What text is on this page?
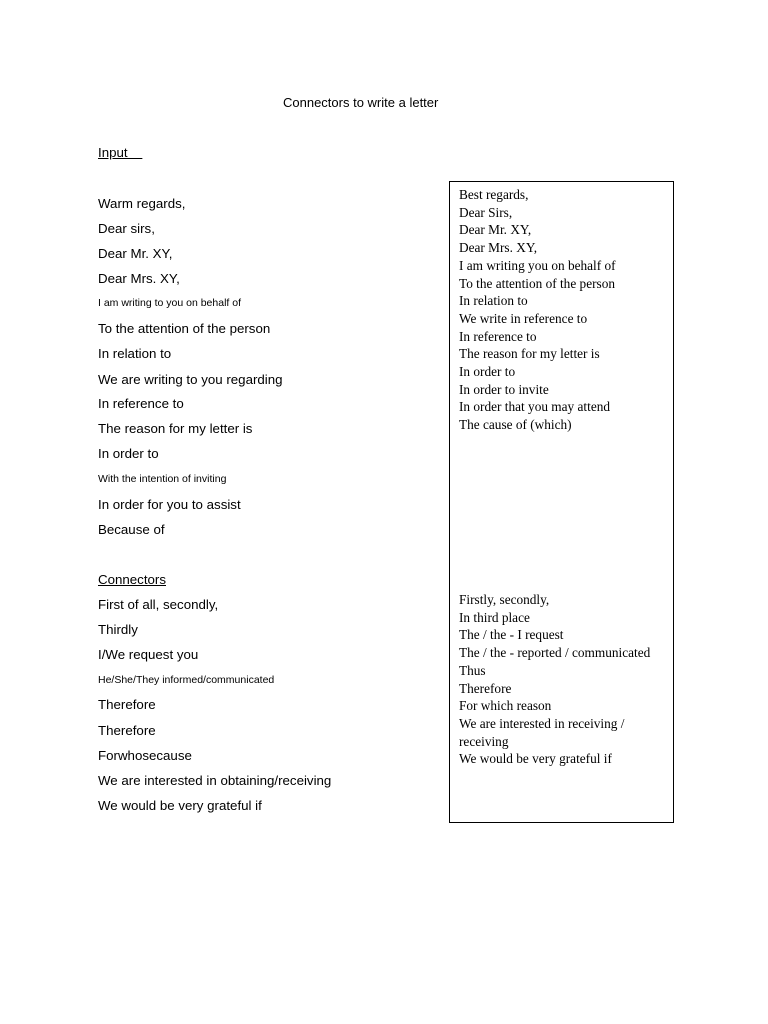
Connectors to write a letter
Input
Warm regards,
Dear sirs,
Dear Mr. XY,
Dear Mrs. XY,
I am writing to you on behalf of
To the attention of the person
In relation to
We are writing to you regarding
In reference to
The reason for my letter is
In order to
With the intention of inviting
In order for you to assist
Because of
Connectors
First of all, secondly,
Thirdly
I/We request you
He/She/They informed/communicated
Therefore
Therefore
Forwhosecause
We are interested in obtaining/receiving
We would be very grateful if
Best regards,
Dear Sirs,
Dear Mr. XY,
Dear Mrs. XY,
I am writing you on behalf of
To the attention of the person
In relation to
We write in reference to
In reference to
The reason for my letter is
In order to
In order to invite
In order that you may attend
The cause of (which)
Firstly, secondly,
In third place
The / the - I request
The / the - reported / communicated
Thus
Therefore
For which reason
We are interested in receiving / receiving
We would be very grateful if
